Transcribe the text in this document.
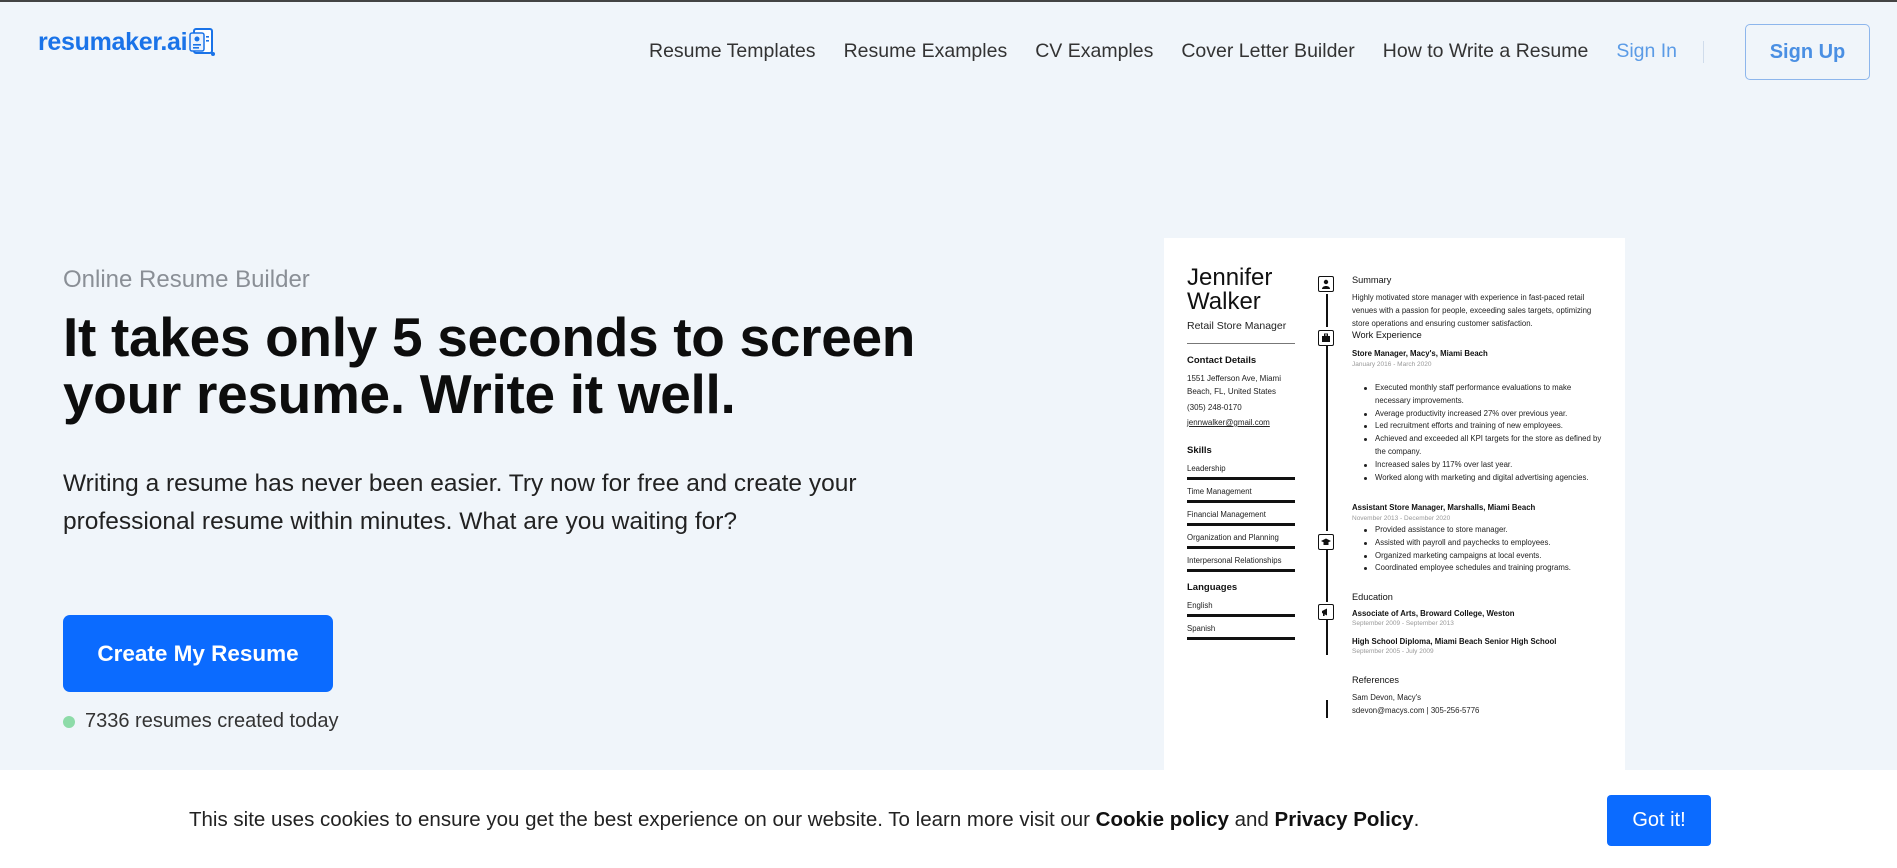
resumaker.ai	Resume Templates Resume Examples CV Examples Cover Letter Builder How to Write a Resume Sign In	Sign Up
Online Resume Builder
It takes only 5 seconds to screen your resume. Write it well.

Writing a resume has never been easier. Try now for free and create your professional resume within minutes. What are you waiting for?

Create My Resume
7336 resumes created today
Jennifer
Walker
Retail Store Manager
Contact Details
1551 Jefferson Ave, Miami Beach, FL, United States
(305) 248-0170
jennwalker@gmail.com
Skills
Leadership
Time Management
Financial Management
Organization and Planning
Interpersonal Relationships
Languages
English
Spanish
Summary
Highly motivated store manager with experience in fast-paced retail venues with a passion for people, exceeding sales targets, optimizing store operations and ensuring customer satisfaction.
Work Experience
Store Manager, Macy's, Miami Beach
January 2016 - March 2020
Executed monthly staff performance evaluations to make necessary improvements.
Average productivity increased 27% over previous year.
Led recruitment efforts and training of new employees.
Achieved and exceeded all KPI targets for the store as defined by the company.
Increased sales by 117% over last year.
Worked along with marketing and digital advertising agencies.
Assistant Store Manager, Marshalls, Miami Beach
November 2013 - December 2020
Provided assistance to store manager.
Assisted with payroll and paychecks to employees.
Organized marketing campaigns at local events.
Coordinated employee schedules and training programs.
Education
Associate of Arts, Broward College, Weston
September 2009 - September 2013
High School Diploma, Miami Beach Senior High School
September 2005 - July 2009
References
Sam Devon, Macy's
sdevon@macys.com | 305-256-5776
This site uses cookies to ensure you get the best experience on our website. To learn more visit our Cookie policy and Privacy Policy.	Got it!
